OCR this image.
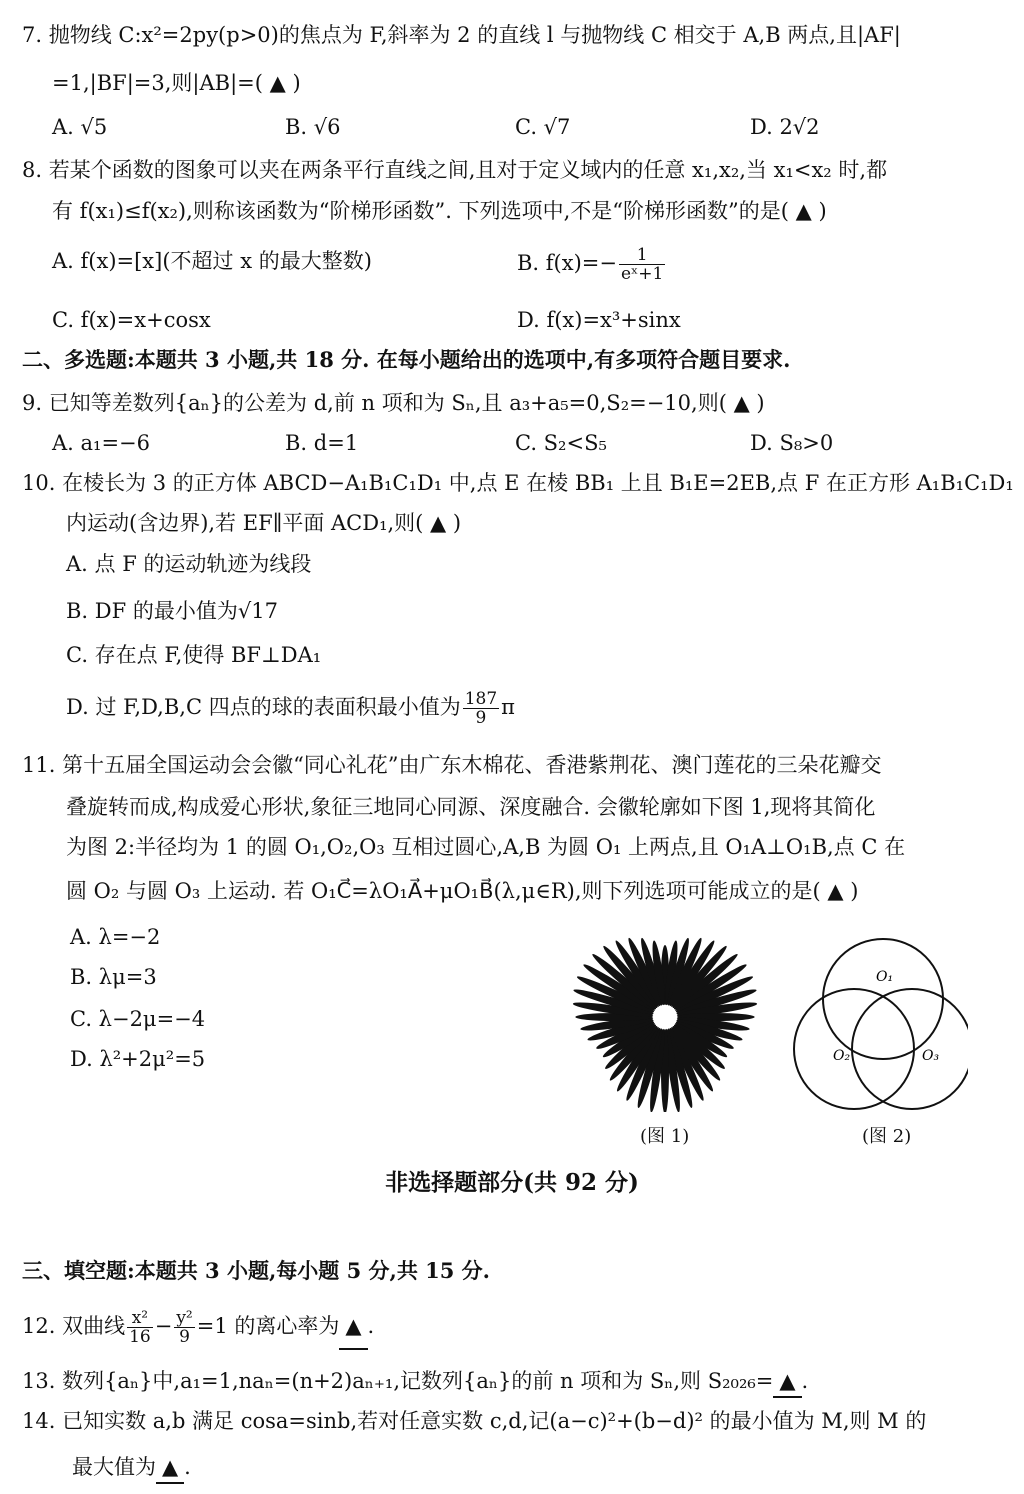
7. 抛物线 C:x²=2py(p>0)的焦点为 F,斜率为 2 的直线 l 与抛物线 C 相交于 A,B 两点,且|AF|
=1,|BF|=3,则|AB|=( ▲ )
A. √5	B. √6	C. √7	D. 2√2
8. 若某个函数的图象可以夹在两条平行直线之间,且对于定义域内的任意 x₁,x₂,当 x₁<x₂ 时,都
有 f(x₁)≤f(x₂),则称该函数为“阶梯形函数”. 下列选项中,不是“阶梯形函数”的是( ▲ )
A. f(x)=[x](不超过 x 的最大整数)	B. $f(x)=- \frac{1}{\text{eˣ+1}}$
C. f(x)=x+cosx	D. f(x)=x³+sinx
二、多选题:本题共 3 小题,共 18 分. 在每小题给出的选项中,有多项符合题目要求.
9. 已知等差数列{aₙ}的公差为 d,前 n 项和为 Sₙ,且 a₃+a₅=0,S₂=−10,则( ▲ )
A. a₁=−6	B. d=1	C. S₂<S₅	D. S₈>0
10. 在棱长为 3 的正方体 ABCD−A₁B₁C₁D₁ 中,点 E 在棱 BB₁ 上且 B₁E=2EB,点 F 在正方形 A₁B₁C₁D₁
内运动(含边界),若 EF∥平面 ACD₁,则( ▲ )
A. 点 F 的运动轨迹为线段
B. DF 的最小值为√17
C. 存在点 F,使得 BF⊥DA₁
D. 过 F,D,B,C 四点的球的表面积最小值为 $\frac{187}{9}$ π
11. 第十五届全国运动会会徽“同心礼花”由广东木棉花、香港紫荆花、澳门莲花的三朵花瓣交
叠旋转而成,构成爱心形状,象征三地同心同源、深度融合. 会徽轮廓如下图 1,现将其简化
为图 2:半径均为 1 的圆 O₁,O₂,O₃ 互相过圆心,A,B 为圆 O₁ 上两点,且 O₁A⊥O₁B,点 C 在
圆 O₂ 与圆 O₃ 上运动. 若 O₁C⃗=λO₁A⃗+μO₁B⃗(λ,μ∈R),则下列选项可能成立的是( ▲ )
A. λ=−2
B. λμ=3
C. λ−2μ=−4
D. λ²+2μ²=5
(图 1)
O₁
O₂	O₃
(图 2)
非选择题部分(共 92 分)
三、填空题:本题共 3 小题,每小题 5 分,共 15 分.
12. 双曲线 $\frac{\text{x²}}{16} - \frac{\text{y²}}{9} =1$ 的离心率为 ▲ .
13. 数列{aₙ}中,a₁=1,naₙ=(n+2)aₙ₊₁,记数列{aₙ}的前 n 项和为 Sₙ,则 S₂₀₂₆= ▲ .
14. 已知实数 a,b 满足 cosa=sinb,若对任意实数 c,d,记(a−c)²+(b−d)² 的最小值为 M,则 M 的
最大值为 ▲ .
